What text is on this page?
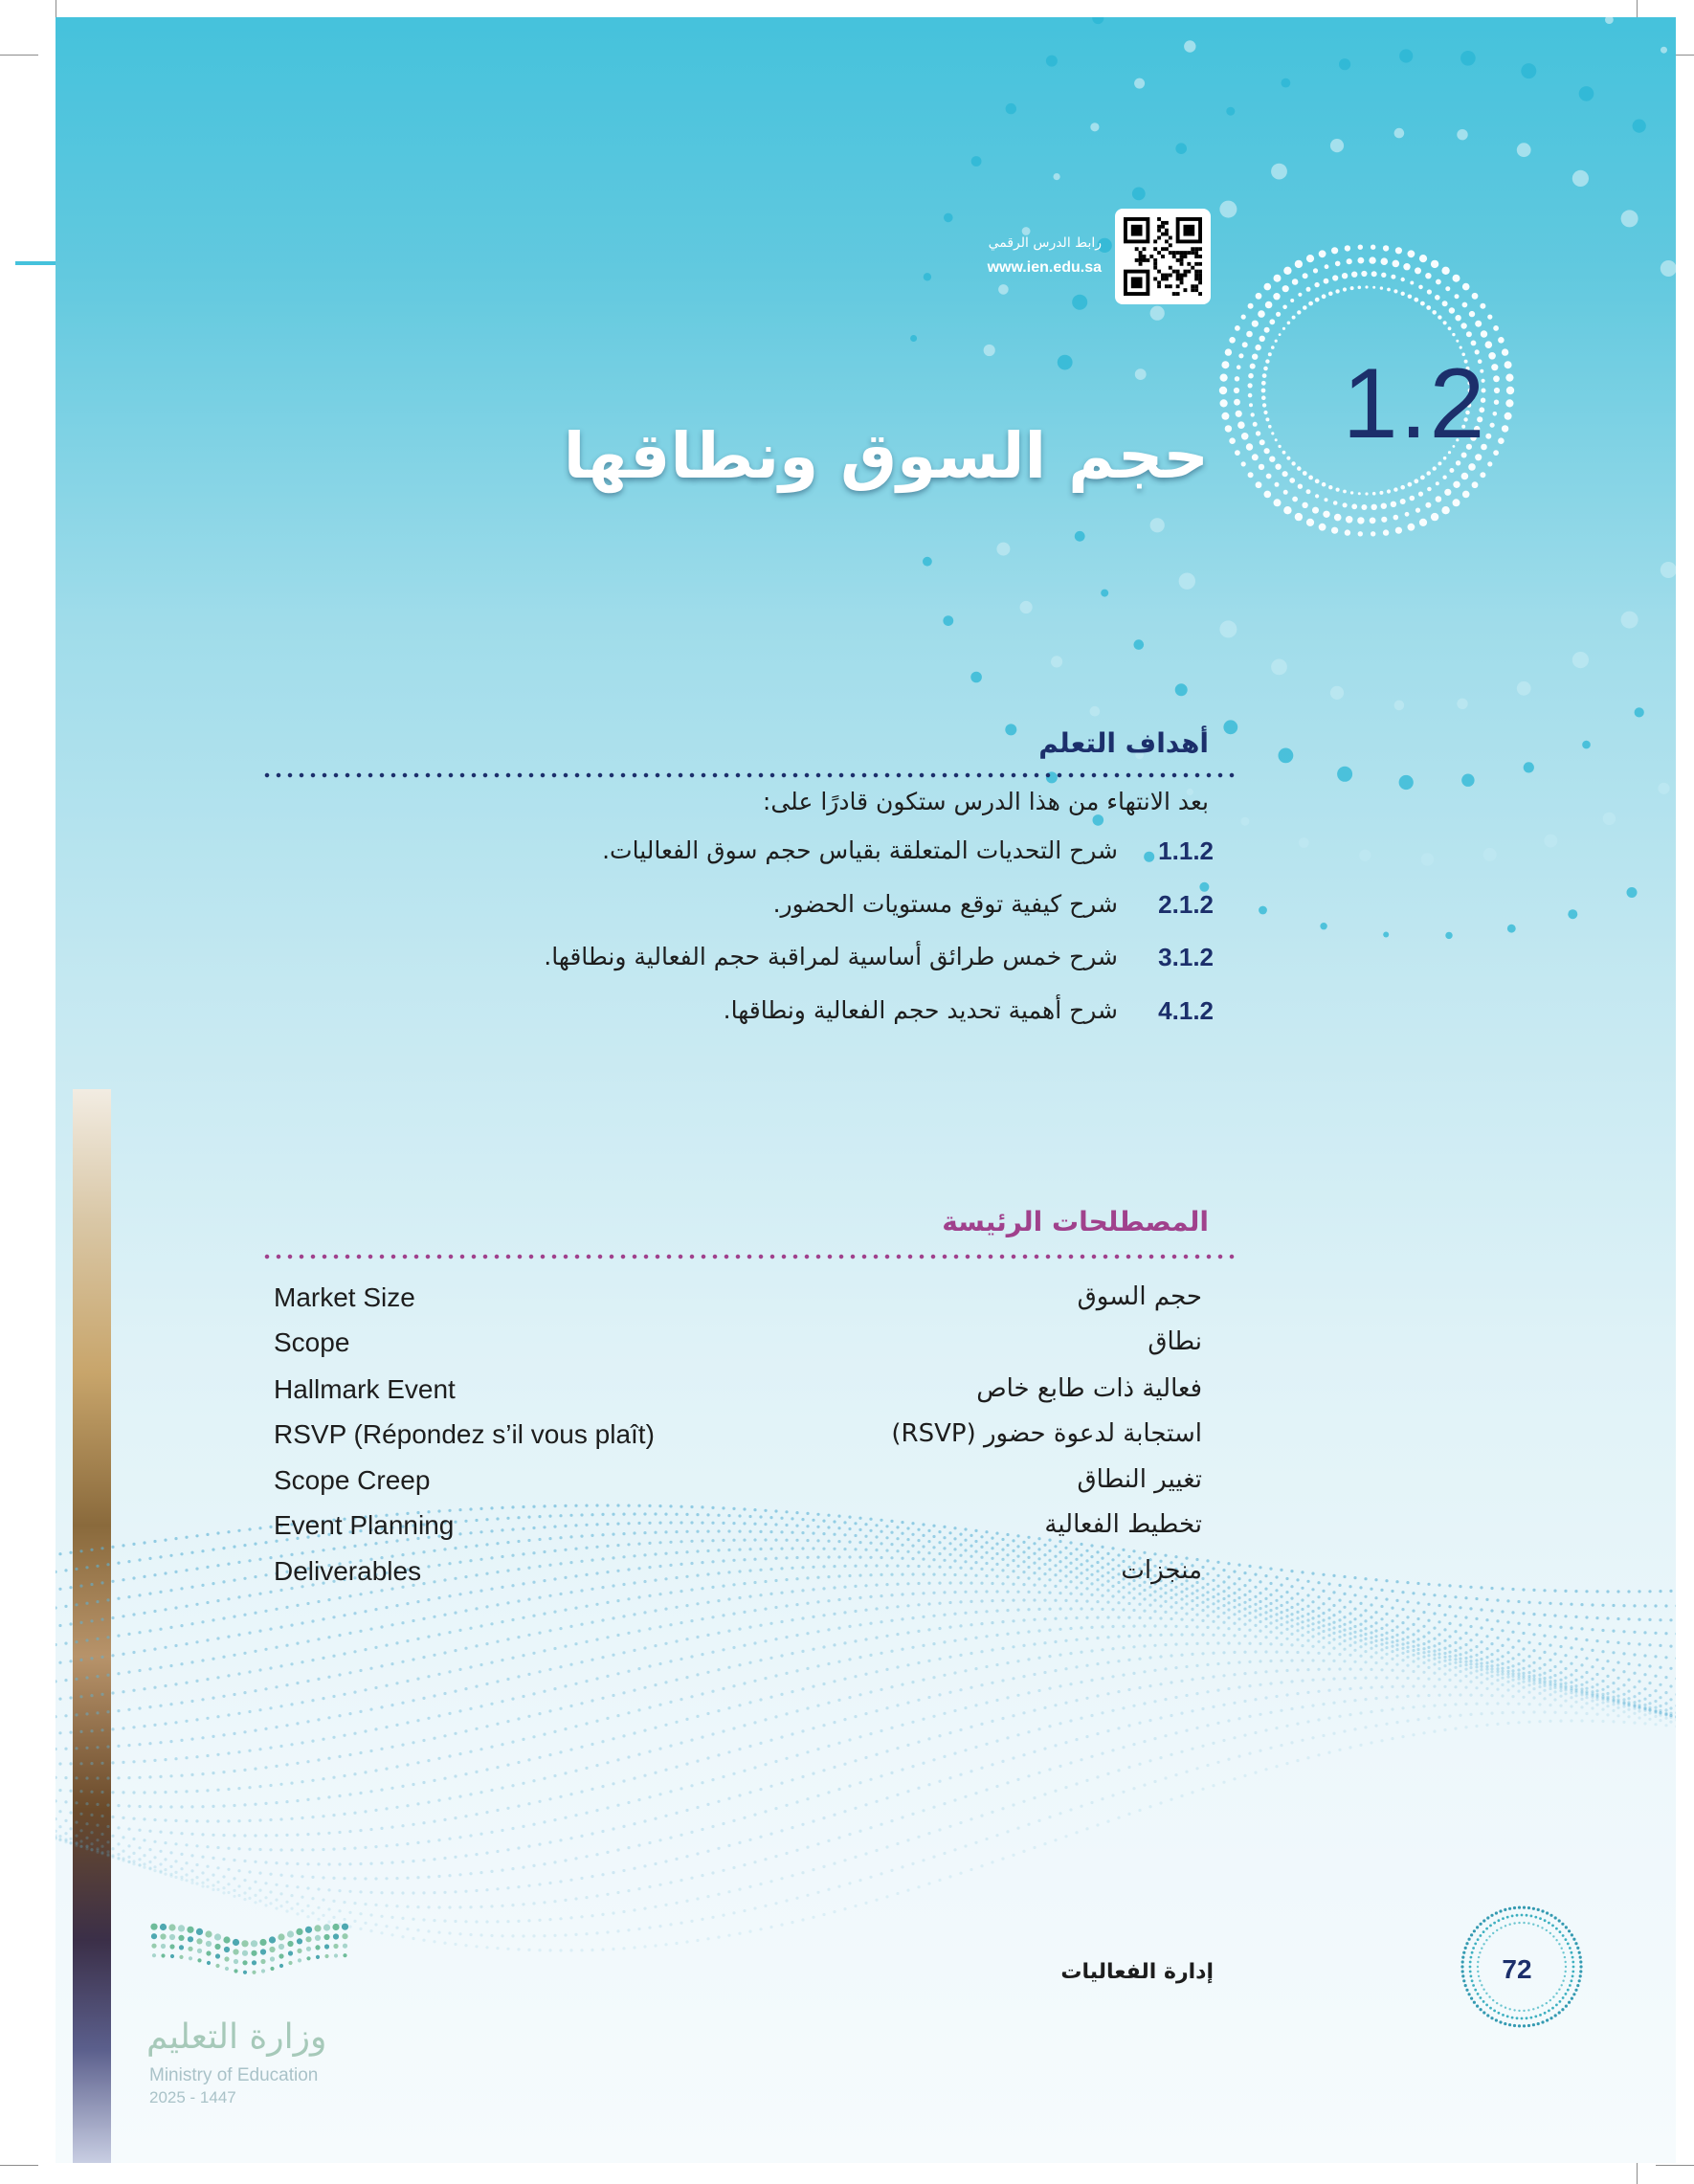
رابط الدرس الرقمي
www.ien.edu.sa
1.2
حجم السوق ونطاقها
أهداف التعلم
بعد الانتهاء من هذا الدرس ستكون قادرًا على:
1.1.2
شرح التحديات المتعلقة بقياس حجم سوق الفعاليات.
2.1.2
شرح كيفية توقع مستويات الحضور.
3.1.2
شرح خمس طرائق أساسية لمراقبة حجم الفعالية ونطاقها.
4.1.2
شرح أهمية تحديد حجم الفعالية ونطاقها.
المصطلحات الرئيسة
Market Size	حجم السوق
Scope	نطاق
Hallmark Event	فعالية ذات طابع خاص
RSVP (Répondez s’il vous plaît)	استجابة لدعوة حضور (RSVP)
Scope Creep	تغيير النطاق
Event Planning	تخطيط الفعالية
Deliverables	منجزات
إدارة الفعاليات	72
وزارة التعليم
Ministry of Education
2025 - 1447
